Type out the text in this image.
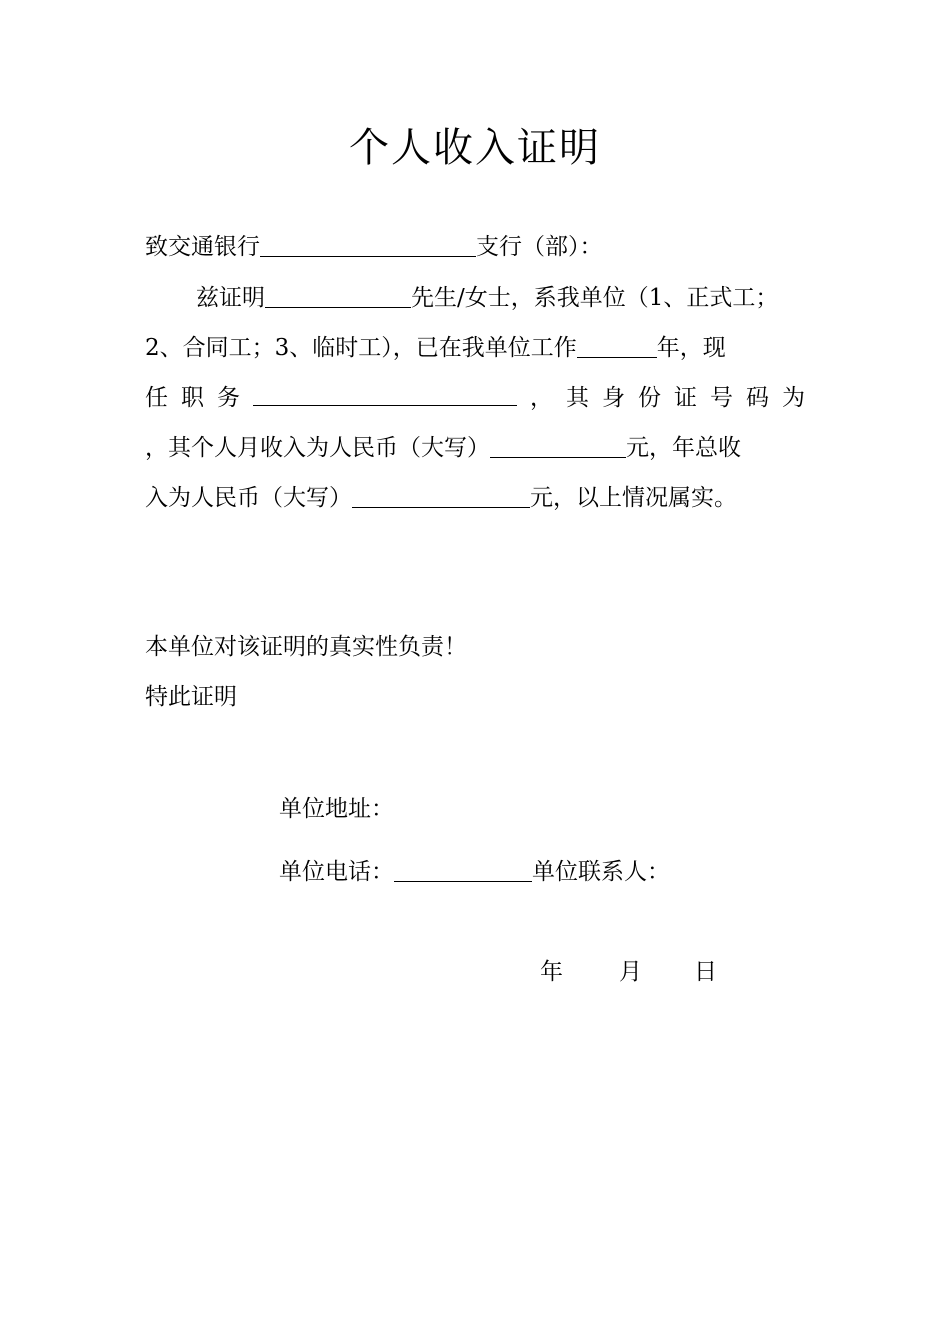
个人收入证明
致交通银行	支行（部）：
兹证明	先生/女士，系我单位（1、正式工；
2、合同工；3、临时工），已在我单位工作	年，现
任 职 务	， 其 身 份 证 号 码 为
，其个人月收入为人民币（大写）	元，年总收
入为人民币（大写）	元，以上情况属实。
本单位对该证明的真实性负责！
特此证明
单位地址：
单位电话：	单位联系人：
年 月 日
